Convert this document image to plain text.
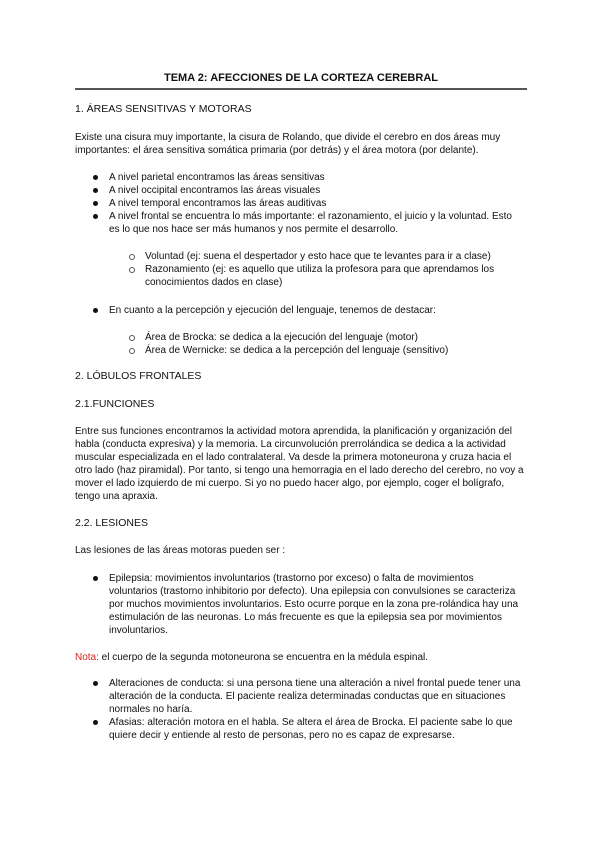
TEMA 2: AFECCIONES DE LA CORTEZA CEREBRAL
1. ÁREAS SENSITIVAS Y MOTORAS
Existe una cisura muy importante, la cisura de Rolando, que divide el cerebro en dos áreas muy importantes: el área sensitiva somática primaria (por detrás) y el área motora (por delante).
A nivel parietal encontramos las áreas sensitivas
A nivel occipital encontramos las áreas visuales
A nivel temporal encontramos las áreas auditivas
A nivel frontal se encuentra lo más importante: el razonamiento, el juicio y la voluntad. Esto es lo que nos hace ser más humanos y nos permite el desarrollo.
Voluntad (ej: suena el despertador y esto hace que te levantes para ir a clase)
Razonamiento (ej: es aquello que utiliza la profesora para que aprendamos los conocimientos dados en clase)
En cuanto a la percepción y ejecución del lenguaje, tenemos de destacar:
Área de Brocka: se dedica a la ejecución del lenguaje (motor)
Área de Wernicke: se dedica a la percepción del lenguaje (sensitivo)
2. LÓBULOS FRONTALES
2.1.FUNCIONES
Entre sus funciones encontramos la actividad motora aprendida, la planificación y organización del habla (conducta expresiva) y la memoria. La circunvolución prerrolándica se dedica a la actividad muscular especializada en el lado contralateral. Va desde la primera motoneurona y cruza hacia el otro lado (haz piramidal). Por tanto, si tengo una hemorragia en el lado derecho del cerebro, no voy a mover el lado izquierdo de mi cuerpo. Si yo no puedo hacer algo, por ejemplo, coger el bolígrafo, tengo una apraxia.
2.2. LESIONES
Las lesiones de las áreas motoras pueden ser :
Epilepsia: movimientos involuntarios (trastorno por exceso) o falta de movimientos voluntarios (trastorno inhibitorio por defecto). Una epilepsia con convulsiones se caracteriza por muchos movimientos involuntarios. Esto ocurre porque en la zona pre-rolándica hay una estimulación de las neuronas. Lo más frecuente es que la epilepsia sea por movimientos involuntarios.
Nota: el cuerpo de la segunda motoneurona se encuentra en la médula espinal.
Alteraciones de conducta: si una persona tiene una alteración a nivel frontal puede tener una alteración de la conducta. El paciente realiza determinadas conductas que en situaciones normales no haría.
Afasias: alteración motora en el habla. Se altera el área de Brocka. El paciente sabe lo que quiere decir y entiende al resto de personas, pero no es capaz de expresarse.
